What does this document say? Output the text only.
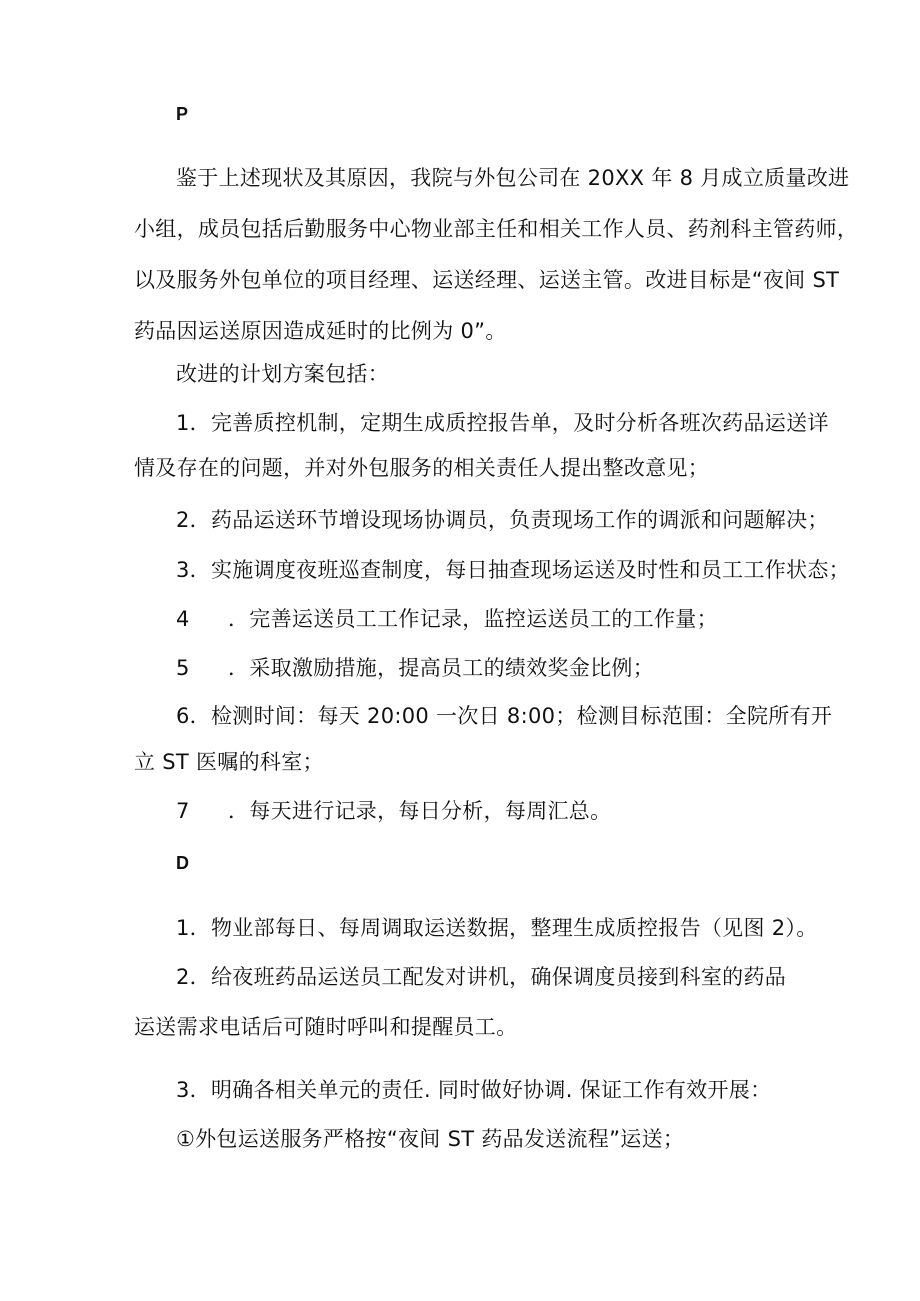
P
鉴于上述现状及其原因，我院与外包公司在 20XX 年 8 月成立质量改进
小组，成员包括后勤服务中心物业部主任和相关工作人员、药剂科主管药师，
以及服务外包单位的项目经理、运送经理、运送主管。改进目标是“夜间 ST
药品因运送原因造成延时的比例为 0”。
改进的计划方案包括：
1．完善质控机制，定期生成质控报告单，及时分析各班次药品运送详
情及存在的问题，并对外包服务的相关责任人提出整改意见；
2．药品运送环节增设现场协调员，负责现场工作的调派和问题解决；
3．实施调度夜班巡查制度，每日抽查现场运送及时性和员工工作状态；
4 ．完善运送员工工作记录，监控运送员工的工作量；
5 ．采取激励措施，提高员工的绩效奖金比例；
6．检测时间：每天 20:00 一次日 8:00；检测目标范围：全院所有开
立 ST 医嘱的科室；
7 ．每天进行记录，每日分析，每周汇总。
D
1．物业部每日、每周调取运送数据，整理生成质控报告（见图 2）。
2．给夜班药品运送员工配发对讲机，确保调度员接到科室的药品
运送需求电话后可随时呼叫和提醒员工。
3．明确各相关单元的责任. 同时做好协调. 保证工作有效开展：
①外包运送服务严格按“夜间 ST 药品发送流程”运送；
